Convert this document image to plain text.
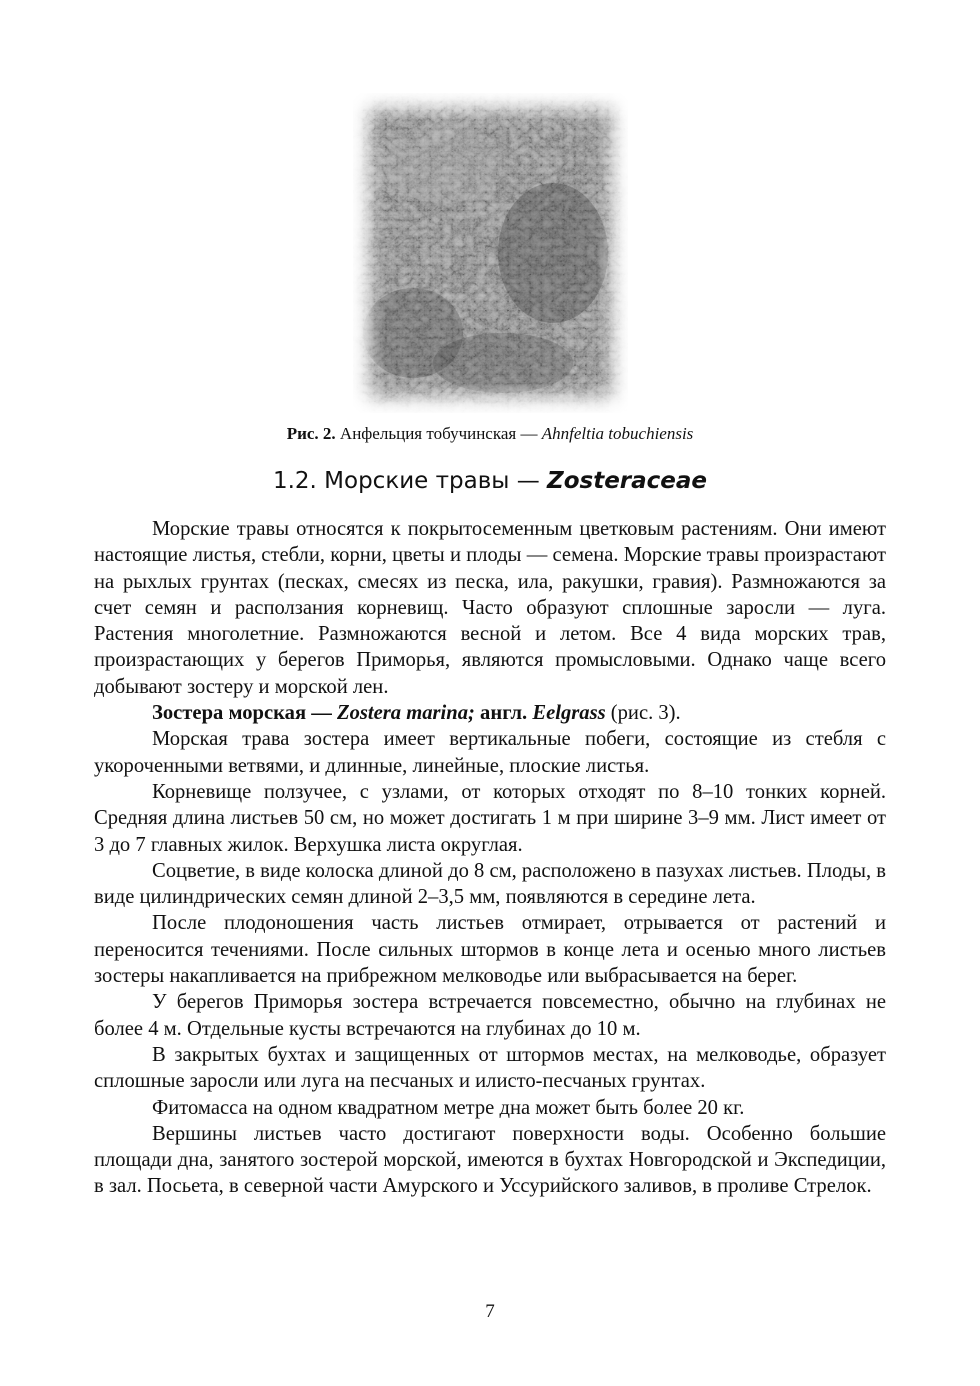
Рис. 2. Анфельция тобучинская — Ahnfeltia tobuchiensis
1.2. Морские травы — Zosteraceae

Морские травы относятся к покрытосеменным цветковым растениям. Они имеют настоящие листья, стебли, корни, цветы и плоды — семена. Морские травы произрастают на рыхлых грунтах (песках, смесях из песка, ила, ракушки, гравия). Размножаются за счет семян и расползания корневищ. Часто образуют сплошные заросли — луга. Растения многолетние. Размножаются весной и летом. Все 4 вида морских трав, произрастающих у берегов Приморья, являются промысловыми. Однако чаще всего добывают зостеру и морской лен.

Зостера морская — Zostera marina; англ. Eelgrass (рис. 3).

Морская трава зостера имеет вертикальные побеги, состоящие из стебля с укороченными ветвями, и длинные, линейные, плоские листья.

Корневище ползучее, с узлами, от которых отходят по 8–10 тонких корней. Средняя длина листьев 50 см, но может достигать 1 м при ширине 3–9 мм. Лист имеет от 3 до 7 главных жилок. Верхушка листа округлая.

Соцветие, в виде колоска длиной до 8 см, расположено в пазухах листьев. Плоды, в виде цилиндрических семян длиной 2–3,5 мм, появляются в середине лета.

После плодоношения часть листьев отмирает, отрывается от растений и переносится течениями. После сильных штормов в конце лета и осенью много листьев зостеры накапливается на прибрежном мелководье или выбрасывается на берег.

У берегов Приморья зостера встречается повсеместно, обычно на глубинах не более 4 м. Отдельные кусты встречаются на глубинах до 10 м.

В закрытых бухтах и защищенных от штормов местах, на мелководье, образует сплошные заросли или луга на песчаных и илисто-песчаных грунтах.

Фитомасса на одном квадратном метре дна может быть более 20 кг.

Вершины листьев часто достигают поверхности воды. Особенно большие площади дна, занятого зостерой морской, имеются в бухтах Новгородской и Экспедиции, в зал. Посьета, в северной части Амурского и Уссурийского заливов, в проливе Стрелок.

7
